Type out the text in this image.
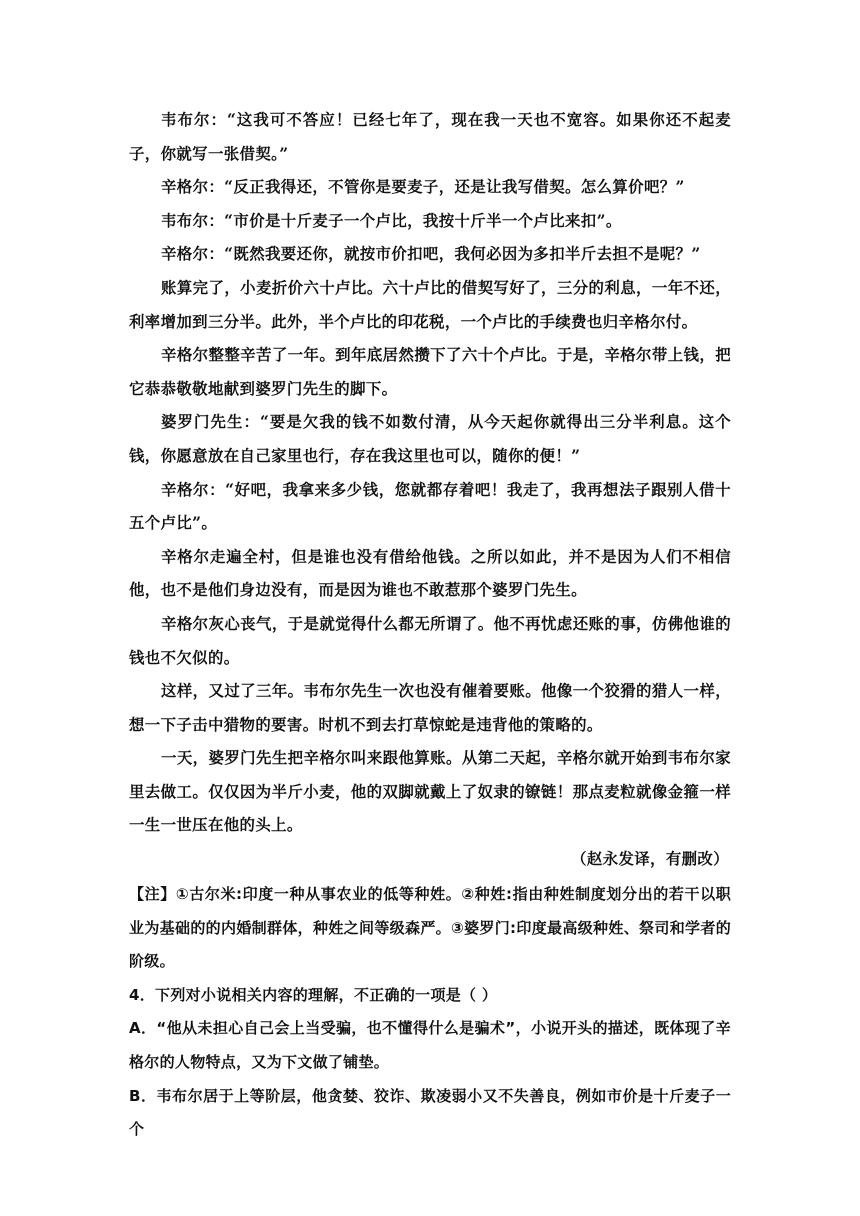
韦布尔：“这我可不答应！已经七年了，现在我一天也不宽容。如果你还不起麦子，你就写一张借契。”

辛格尔：“反正我得还，不管你是要麦子，还是让我写借契。怎么算价吧？”

韦布尔：“市价是十斤麦子一个卢比，我按十斤半一个卢比来扣”。

辛格尔：“既然我要还你，就按市价扣吧，我何必因为多扣半斤去担不是呢？”

账算完了，小麦折价六十卢比。六十卢比的借契写好了，三分的利息，一年不还，利率增加到三分半。此外，半个卢比的印花税，一个卢比的手续费也归辛格尔付。

辛格尔整整辛苦了一年。到年底居然攒下了六十个卢比。于是，辛格尔带上钱，把它恭恭敬敬地献到婆罗门先生的脚下。

婆罗门先生：“要是欠我的钱不如数付清，从今天起你就得出三分半利息。这个钱，你愿意放在自己家里也行，存在我这里也可以，随你的便！”

辛格尔：“好吧，我拿来多少钱，您就都存着吧！我走了，我再想法子跟别人借十五个卢比”。

辛格尔走遍全村，但是谁也没有借给他钱。之所以如此，并不是因为人们不相信他，也不是他们身边没有，而是因为谁也不敢惹那个婆罗门先生。

辛格尔灰心丧气，于是就觉得什么都无所谓了。他不再忧虑还账的事，仿佛他谁的钱也不欠似的。

这样，又过了三年。韦布尔先生一次也没有催着要账。他像一个狡猾的猎人一样，想一下子击中猎物的要害。时机不到去打草惊蛇是违背他的策略的。

一天，婆罗门先生把辛格尔叫来跟他算账。从第二天起，辛格尔就开始到韦布尔家里去做工。仅仅因为半斤小麦，他的双脚就戴上了奴隶的镣链！那点麦粒就像金箍一样一生一世压在他的头上。

（赵永发译，有删改）

【注】①古尔米:印度一种从事农业的低等种姓。②种姓:指由种姓制度划分出的若干以职业为基础的的内婚制群体，种姓之间等级森严。③婆罗门:印度最高级种姓、祭司和学者的阶级。

4．下列对小说相关内容的理解，不正确的一项是（ ）

A．“他从未担心自己会上当受骗，也不懂得什么是骗术”，小说开头的描述，既体现了辛格尔的人物特点，又为下文做了铺垫。

B．韦布尔居于上等阶层，他贪婪、狡诈、欺凌弱小又不失善良，例如市价是十斤麦子一个
